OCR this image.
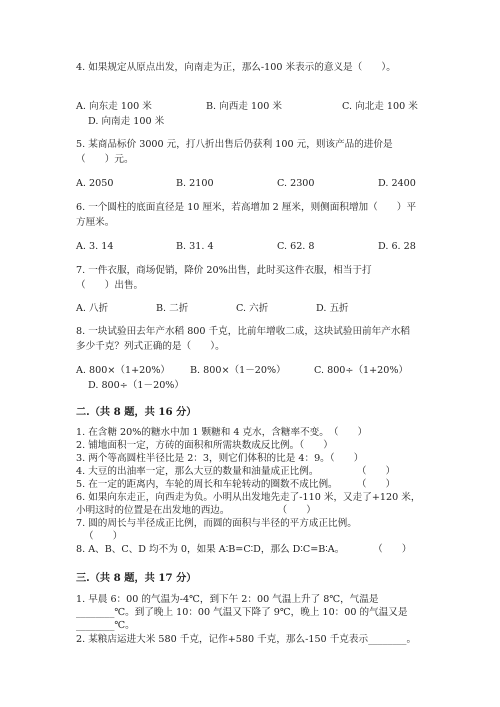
4. 如果规定从原点出发，向南走为正，那么-100 米表示的意义是（　　）。
A. 向东走 100 米	B. 向西走 100 米	C. 向北走 100 米
D. 向南走 100 米
5. 某商品标价 3000 元，打八折出售后仍获利 100 元，则该产品的进价是
（　　）元。
A. 2050	B. 2100	C. 2300	D. 2400
6. 一个圆柱的底面直径是 10 厘米，若高增加 2 厘米，则侧面积增加（　　）平
方厘米。
A. 3. 14	B. 31. 4	C. 62. 8	D. 6. 28
7. 一件衣服，商场促销，降价 20%出售，此时买这件衣服，相当于打
（　　）出售。
A. 八折	B. 二折	C. 六折	D. 五折
8. 一块试验田去年产水稻 800 千克，比前年增收二成，这块试验田前年产水稻
多少千克？列式正确的是（　　）。
A. 800×（1+20%） B. 800×（1－20%）	C. 800÷（1+20%）
D. 800÷（1－20%）
二.（共 8 题，共 16 分）
1. 在含糖 20%的糖水中加 1 颗糖和 4 克水，含糖率不变。　（　　）
2. 铺地面积一定，方砖的面积和所需块数成反比例。（　　）
3. 两个等高圆柱半径比是 2：3，则它们体积的比是 4：9。（　　）
4. 大豆的出油率一定，那么大豆的数量和油量成正比例。　　　　　（　　）
5. 在一定的距离内，车轮的周长和车轮转动的圈数不成比例。　　　（　　）
6. 如果向东走正，向西走为负。小明从出发地先走了-110 米，又走了+120 米，
小明这时的位置是在出发地的西边。　　　　　　（　　）
7. 圆的周长与半径成正比例，而圆的面积与半径的平方成正比例。
（　　）
8. A、B、C、D 均不为 0，如果 A∶B=C∶D，那么 D∶C=B∶A。　　　　（　　）
三.（共 8 题，共 17 分）
1. 早晨 6：00 的气温为-4℃，到下午 2：00 气温上升了 8℃，气温是
________℃。到了晚上 10：00 气温又下降了 9℃，晚上 10：00 的气温又是
________℃。
2. 某粮店运进大米 580 千克，记作+580 千克，那么-150 千克表示________。
